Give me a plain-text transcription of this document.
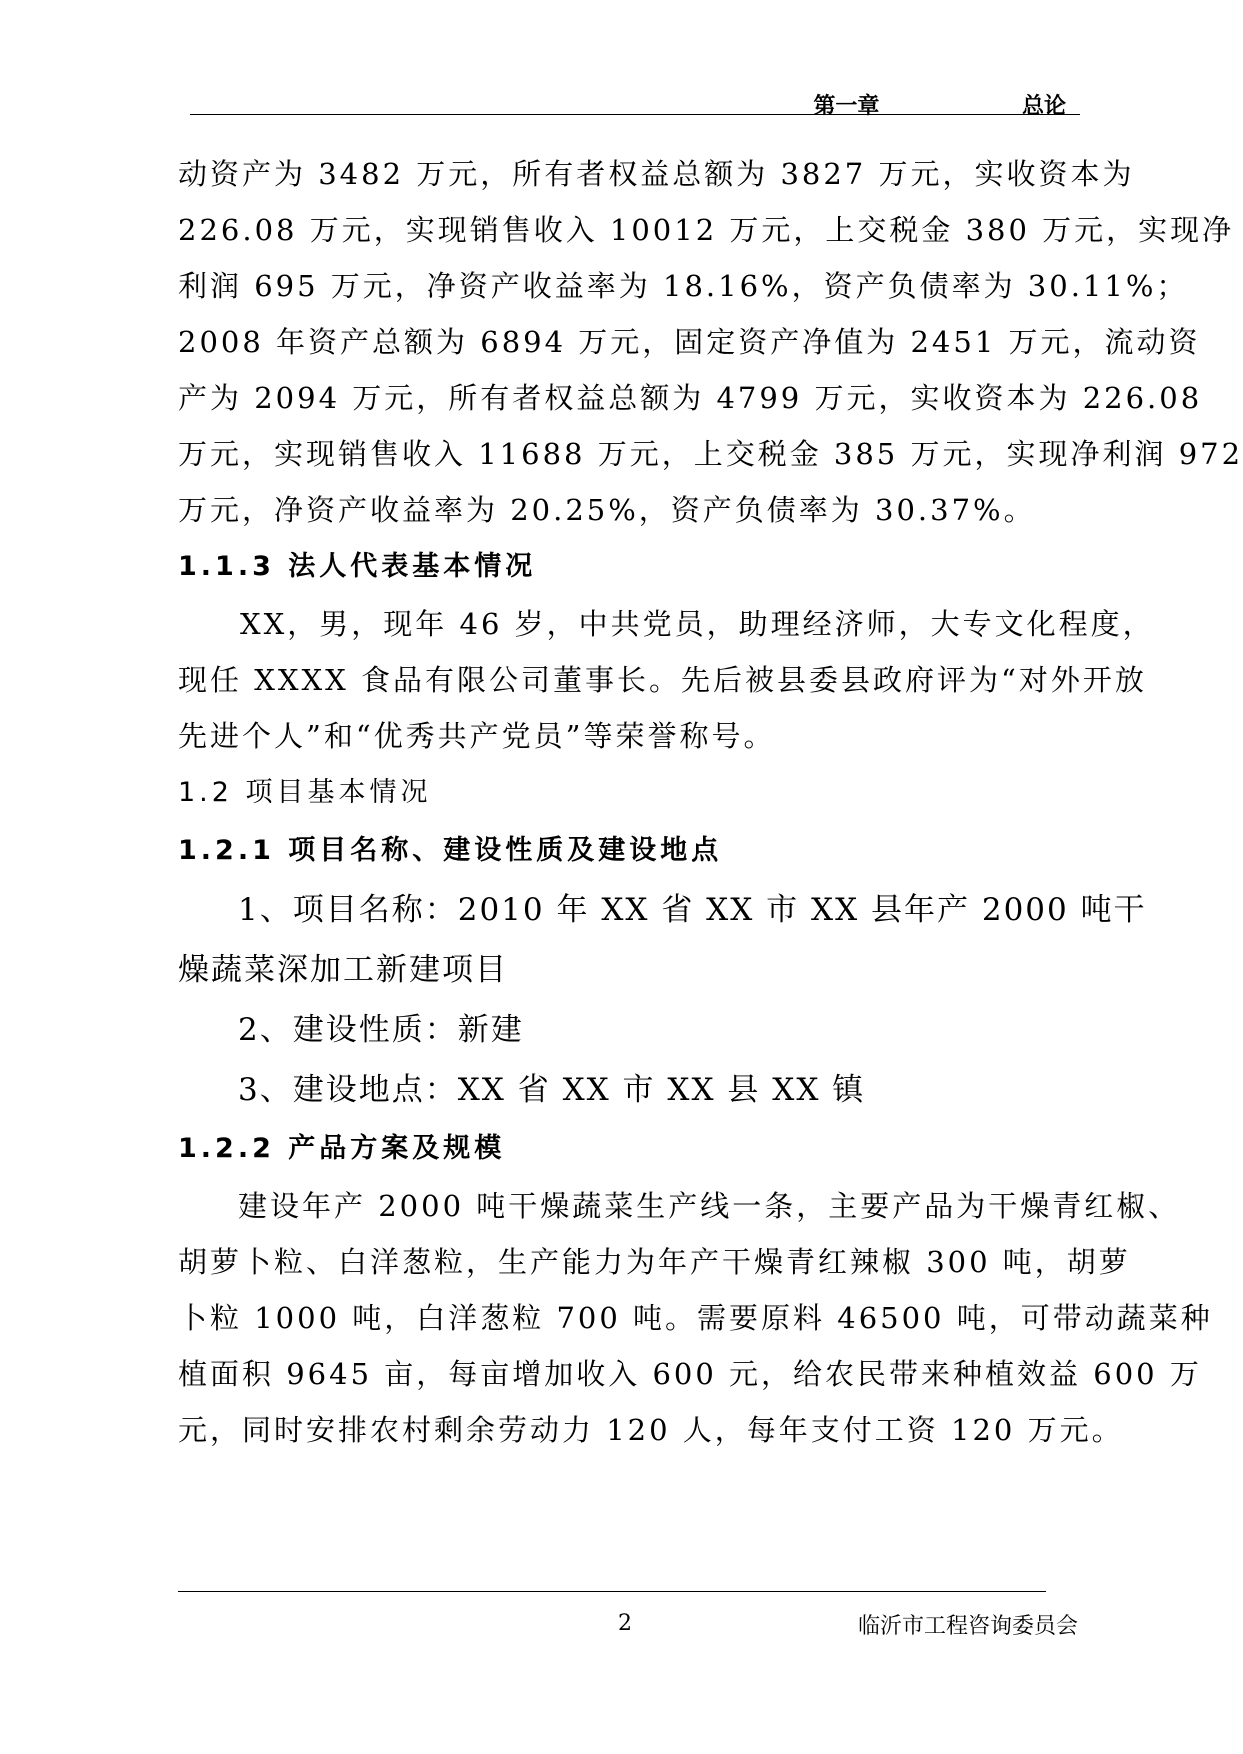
第一章    总论
动资产为 3482 万元，所有者权益总额为 3827 万元，实收资本为
226.08 万元，实现销售收入 10012 万元，上交税金 380 万元，实现净
利润 695 万元，净资产收益率为 18.16%，资产负债率为 30.11%；
2008 年资产总额为 6894 万元，固定资产净值为 2451 万元，流动资
产为 2094 万元，所有者权益总额为 4799 万元，实收资本为 226.08
万元，实现销售收入 11688 万元，上交税金 385 万元，实现净利润 972
万元，净资产收益率为 20.25%，资产负债率为 30.37%。
1.1.3 法人代表基本情况
XX，男，现年 46 岁，中共党员，助理经济师，大专文化程度，
现任 XXXX 食品有限公司董事长。先后被县委县政府评为“对外开放
先进个人”和“优秀共产党员”等荣誉称号。
1.2 项目基本情况
1.2.1 项目名称、建设性质及建设地点
1、项目名称：2010 年 XX 省 XX 市 XX 县年产 2000 吨干
燥蔬菜深加工新建项目
2、建设性质：新建
3、建设地点：XX 省 XX 市 XX 县 XX 镇
1.2.2 产品方案及规模
建设年产 2000 吨干燥蔬菜生产线一条，主要产品为干燥青红椒、
胡萝卜粒、白洋葱粒，生产能力为年产干燥青红辣椒 300 吨，胡萝
卜粒 1000 吨，白洋葱粒 700 吨。需要原料 46500 吨，可带动蔬菜种
植面积 9645 亩，每亩增加收入 600 元，给农民带来种植效益 600 万
元，同时安排农村剩余劳动力 120 人，每年支付工资 120 万元。
2	临沂市工程咨询委员会
